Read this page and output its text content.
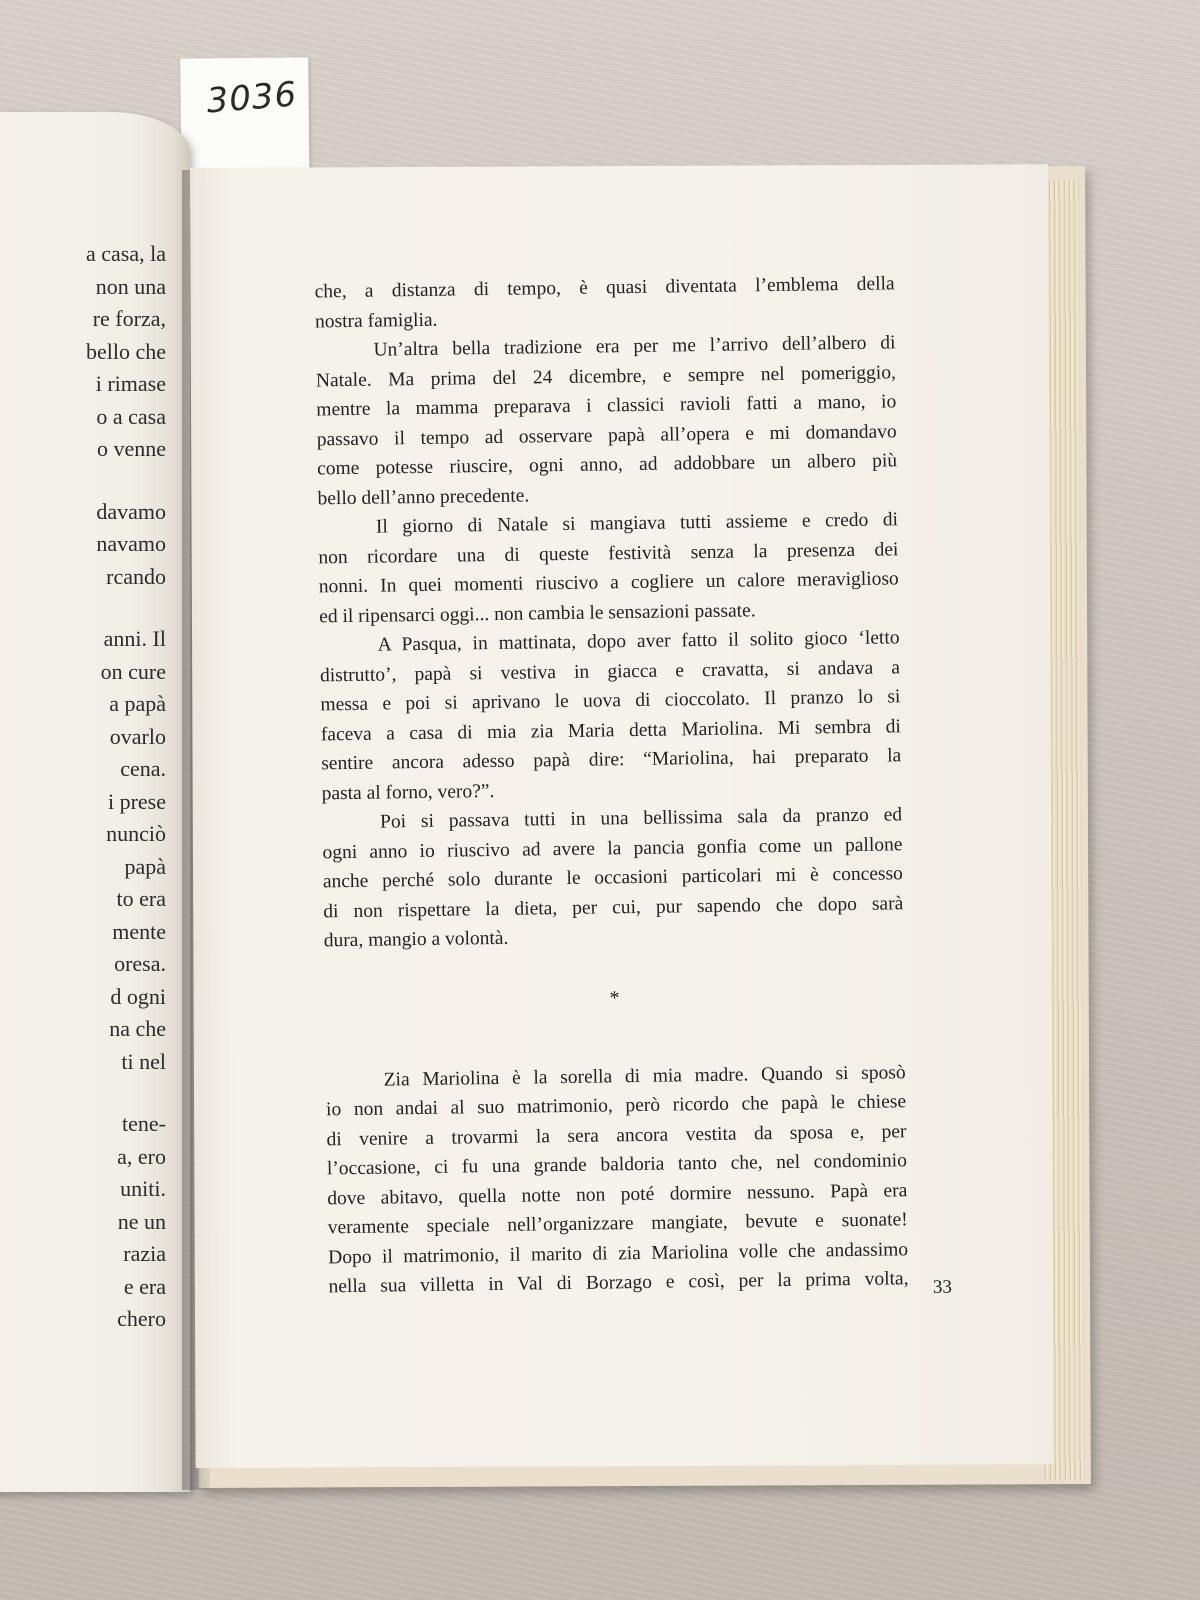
3036
a casa, la
non una
re forza,
bello che
i rimase
o a casa
o venne
davamo
navamo
rcando
anni. Il
on cure
a papà
ovarlo
cena.
i prese
nunciò
papà
to era
mente
oresa.
d ogni
na che
ti nel
tene-
a, ero
uniti.
ne un
razia
e era
chero
che, a distanza di tempo, è quasi diventata l’emblema della
nostra famiglia.
Un’altra bella tradizione era per me l’arrivo dell’albero di
Natale. Ma prima del 24 dicembre, e sempre nel pomeriggio,
mentre la mamma preparava i classici ravioli fatti a mano, io
passavo il tempo ad osservare papà all’opera e mi domandavo
come potesse riuscire, ogni anno, ad addobbare un albero più
bello dell’anno precedente.
Il giorno di Natale si mangiava tutti assieme e credo di
non ricordare una di queste festività senza la presenza dei
nonni. In quei momenti riuscivo a cogliere un calore meraviglioso
ed il ripensarci oggi... non cambia le sensazioni passate.
A Pasqua, in mattinata, dopo aver fatto il solito gioco ‘letto
distrutto’, papà si vestiva in giacca e cravatta, si andava a
messa e poi si aprivano le uova di cioccolato. Il pranzo lo si
faceva a casa di mia zia Maria detta Mariolina. Mi sembra di
sentire ancora adesso papà dire: “Mariolina, hai preparato la
pasta al forno, vero?”.
Poi si passava tutti in una bellissima sala da pranzo ed
ogni anno io riuscivo ad avere la pancia gonfia come un pallone
anche perché solo durante le occasioni particolari mi è concesso
di non rispettare la dieta, per cui, pur sapendo che dopo sarà
dura, mangio a volontà.
*
Zia Mariolina è la sorella di mia madre. Quando si sposò
io non andai al suo matrimonio, però ricordo che papà le chiese
di venire a trovarmi la sera ancora vestita da sposa e, per
l’occasione, ci fu una grande baldoria tanto che, nel condominio
dove abitavo, quella notte non poté dormire nessuno. Papà era
veramente speciale nell’organizzare mangiate, bevute e suonate!
Dopo il matrimonio, il marito di zia Mariolina volle che andassimo
nella sua villetta in Val di Borzago e così, per la prima volta, 33
